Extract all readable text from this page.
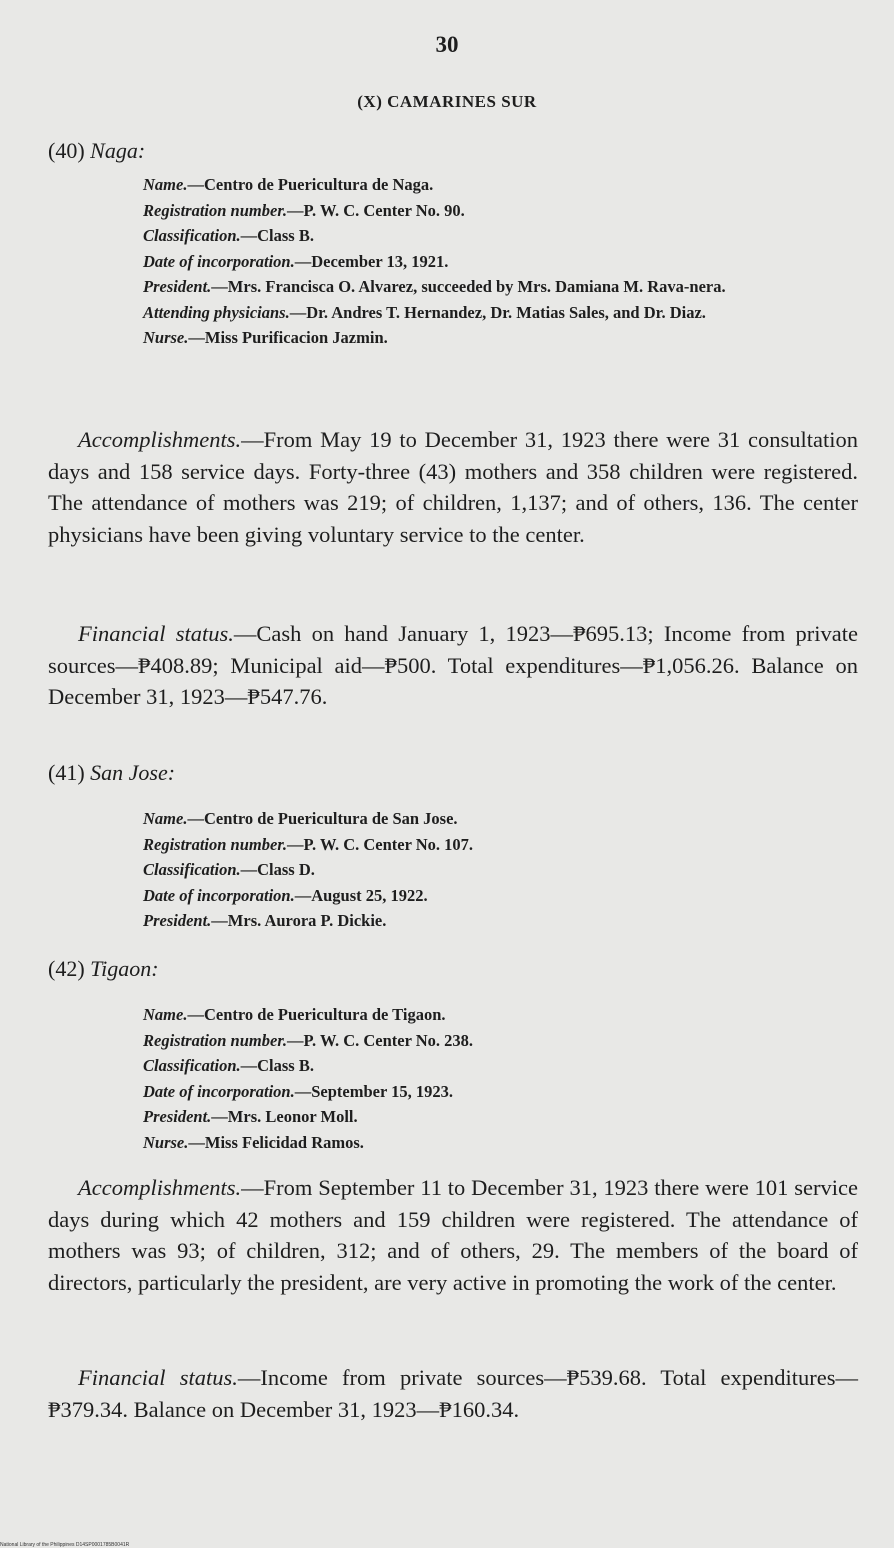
30
(X) CAMARINES SUR
(40) Naga:
Name.—Centro de Puericultura de Naga.
Registration number.—P. W. C. Center No. 90.
Classification.—Class B.
Date of incorporation.—December 13, 1921.
President.—Mrs. Francisca O. Alvarez, succeeded by Mrs. Damiana M. Rava-nera.
Attending physicians.—Dr. Andres T. Hernandez, Dr. Matias Sales, and Dr. Diaz.
Nurse.—Miss Purificacion Jazmin.
Accomplishments.—From May 19 to December 31, 1923 there were 31 consultation days and 158 service days. Forty-three (43) mothers and 358 children were registered. The attendance of mothers was 219; of children, 1,137; and of others, 136. The center physicians have been giving voluntary service to the center.
Financial status.—Cash on hand January 1, 1923—₱695.13; Income from private sources—₱408.89; Municipal aid—₱500. Total expenditures—₱1,056.26. Balance on December 31, 1923—₱547.76.
(41) San Jose:
Name.—Centro de Puericultura de San Jose.
Registration number.—P. W. C. Center No. 107.
Classification.—Class D.
Date of incorporation.—August 25, 1922.
President.—Mrs. Aurora P. Dickie.
(42) Tigaon:
Name.—Centro de Puericultura de Tigaon.
Registration number.—P. W. C. Center No. 238.
Classification.—Class B.
Date of incorporation.—September 15, 1923.
President.—Mrs. Leonor Moll.
Nurse.—Miss Felicidad Ramos.
Accomplishments.—From September 11 to December 31, 1923 there were 101 service days during which 42 mothers and 159 children were registered. The attendance of mothers was 93; of children, 312; and of others, 29. The members of the board of directors, particularly the president, are very active in promoting the work of the center.
Financial status.—Income from private sources—₱539.68. Total expenditures—₱379.34. Balance on December 31, 1923—₱160.34.
National Library of the Philippines D14SP0001785B0041R
